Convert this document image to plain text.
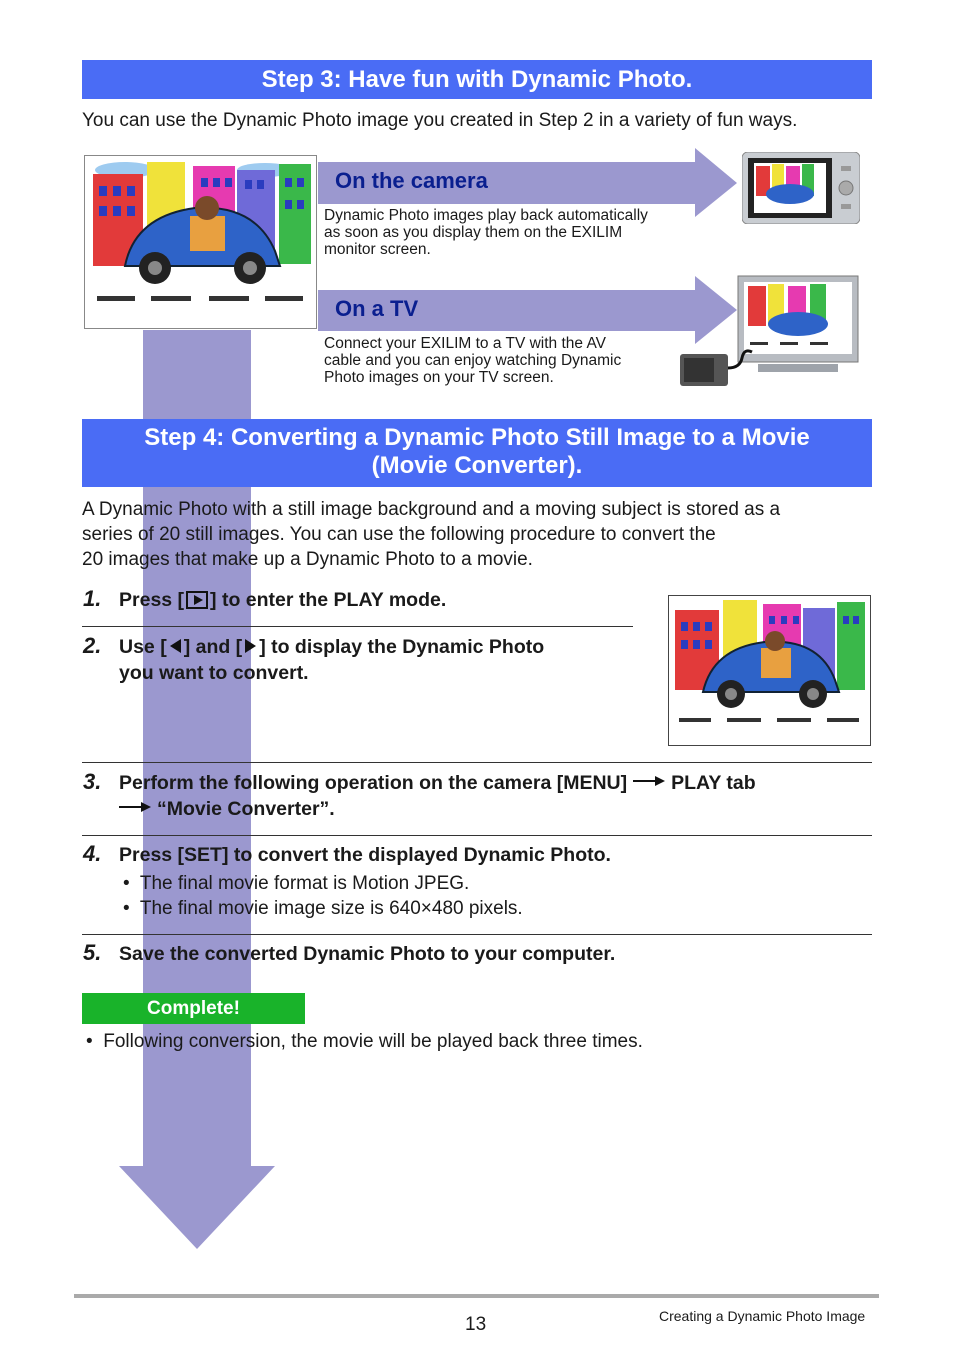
Step 3: Have fun with Dynamic Photo.
You can use the Dynamic Photo image you created in Step 2 in a variety of fun ways.
On the camera
Dynamic Photo images play back automatically
as soon as you display them on the EXILIM
monitor screen.
On a TV
Connect your EXILIM to a TV with the AV
cable and you can enjoy watching Dynamic
Photo images on your TV screen.
Step 4: Converting a Dynamic Photo Still Image to a Movie
(Movie Converter).
A Dynamic Photo with a still image background and a moving subject is stored as a
series of 20 still images. You can use the following procedure to convert the
20 images that make up a Dynamic Photo to a movie.
1. Press [ ] to enter the PLAY mode.
2. Use [ ] and [ ] to display the Dynamic Photo
you want to convert.
3. Perform the following operation on the camera [MENU] PLAY tab
“Movie Converter”.
4. Press [SET] to convert the displayed Dynamic Photo.
•  The final movie format is Motion JPEG.
•  The final movie image size is 640×480 pixels.
5. Save the converted Dynamic Photo to your computer.
Complete!
•  Following conversion, the movie will be played back three times.
13	Creating a Dynamic Photo Image
